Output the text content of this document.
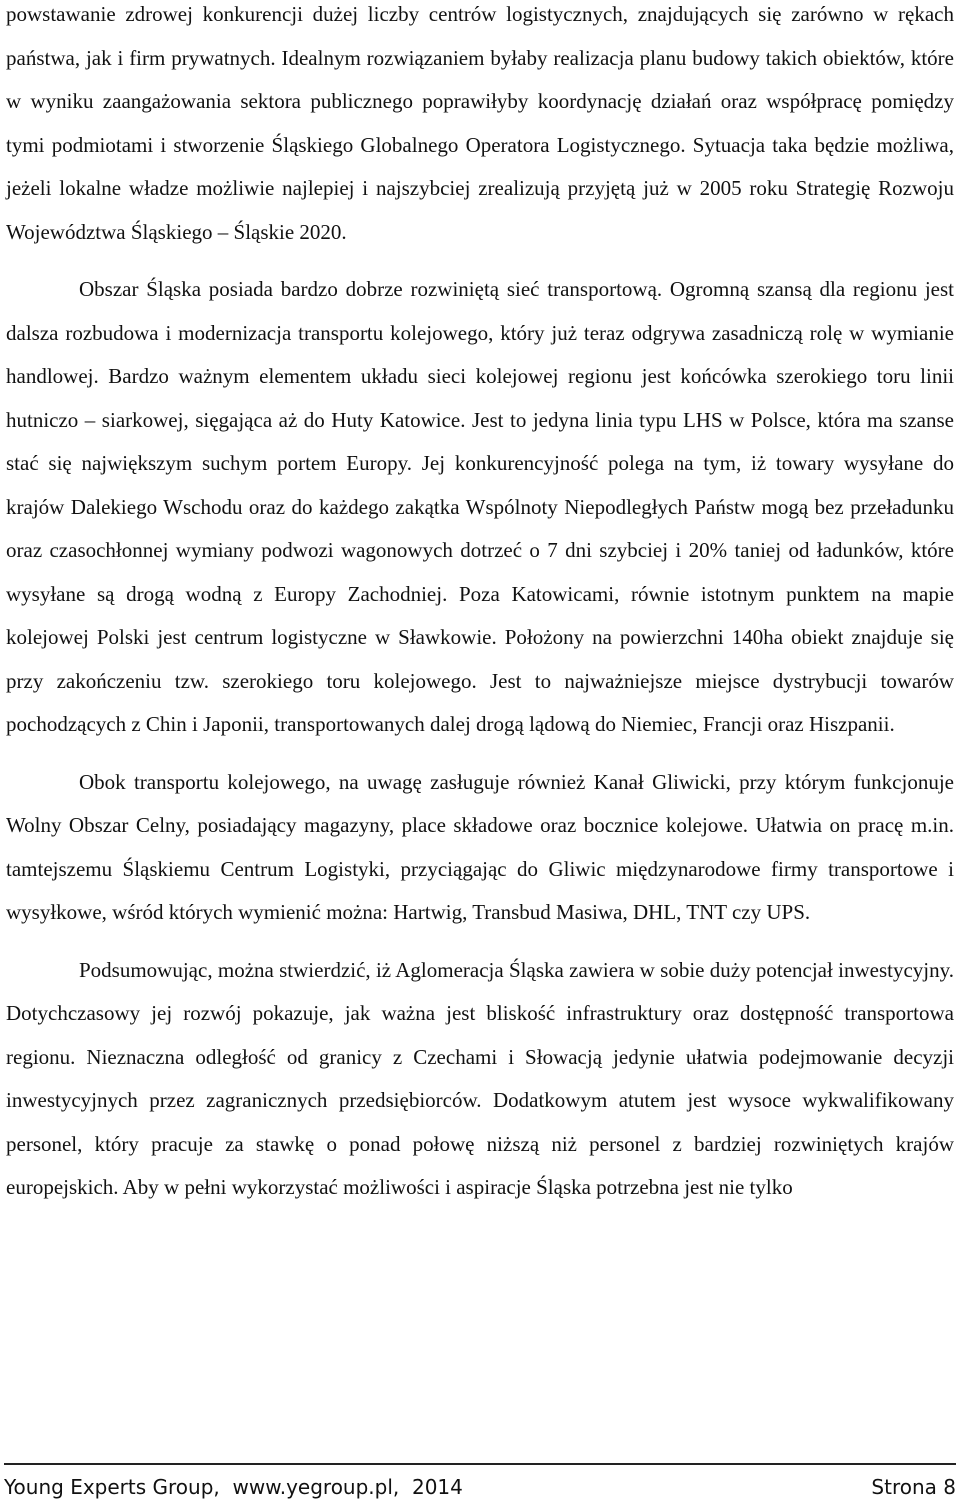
powstawanie zdrowej konkurencji dużej liczby centrów logistycznych, znajdujących się zarówno w rękach państwa, jak i firm prywatnych. Idealnym rozwiązaniem byłaby realizacja planu budowy takich obiektów, które w wyniku zaangażowania sektora publicznego poprawiłyby koordynację działań oraz współpracę pomiędzy tymi podmiotami i stworzenie Śląskiego Globalnego Operatora Logistycznego. Sytuacja taka będzie możliwa, jeżeli lokalne władze możliwie najlepiej i najszybciej zrealizują przyjętą już w 2005 roku Strategię Rozwoju Województwa Śląskiego – Śląskie 2020.

Obszar Śląska posiada bardzo dobrze rozwiniętą sieć transportową. Ogromną szansą dla regionu jest dalsza rozbudowa i modernizacja transportu kolejowego, który już teraz odgrywa zasadniczą rolę w wymianie handlowej. Bardzo ważnym elementem układu sieci kolejowej regionu jest końcówka szerokiego toru linii hutniczo – siarkowej, sięgająca aż do Huty Katowice. Jest to jedyna linia typu LHS w Polsce, która ma szanse stać się największym suchym portem Europy. Jej konkurencyjność polega na tym, iż towary wysyłane do krajów Dalekiego Wschodu oraz do każdego zakątka Wspólnoty Niepodległych Państw mogą bez przeładunku oraz czasochłonnej wymiany podwozi wagonowych dotrzeć o 7 dni szybciej i 20% taniej od ładunków, które wysyłane są drogą wodną z Europy Zachodniej. Poza Katowicami, równie istotnym punktem na mapie kolejowej Polski jest centrum logistyczne w Sławkowie. Położony na powierzchni 140ha obiekt znajduje się przy zakończeniu tzw. szerokiego toru kolejowego. Jest to najważniejsze miejsce dystrybucji towarów pochodzących z Chin i Japonii, transportowanych dalej drogą lądową do Niemiec, Francji oraz Hiszpanii.

Obok transportu kolejowego, na uwagę zasługuje również Kanał Gliwicki, przy którym funkcjonuje Wolny Obszar Celny, posiadający magazyny, place składowe oraz bocznice kolejowe. Ułatwia on pracę m.in. tamtejszemu Śląskiemu Centrum Logistyki, przyciągając do Gliwic międzynarodowe firmy transportowe i wysyłkowe, wśród których wymienić można: Hartwig, Transbud Masiwa, DHL, TNT czy UPS.

Podsumowując, można stwierdzić, iż Aglomeracja Śląska zawiera w sobie duży potencjał inwestycyjny. Dotychczasowy jej rozwój pokazuje, jak ważna jest bliskość infrastruktury oraz dostępność transportowa regionu. Nieznaczna odległość od granicy z Czechami i Słowacją jedynie ułatwia podejmowanie decyzji inwestycyjnych przez zagranicznych przedsiębiorców. Dodatkowym atutem jest wysoce wykwalifikowany personel, który pracuje za stawkę o ponad połowę niższą niż personel z bardziej rozwiniętych krajów europejskich. Aby w pełni wykorzystać możliwości i aspiracje Śląska potrzebna jest nie tylko

Young Experts Group,  www.yegroup.pl,  2014	Strona 8
